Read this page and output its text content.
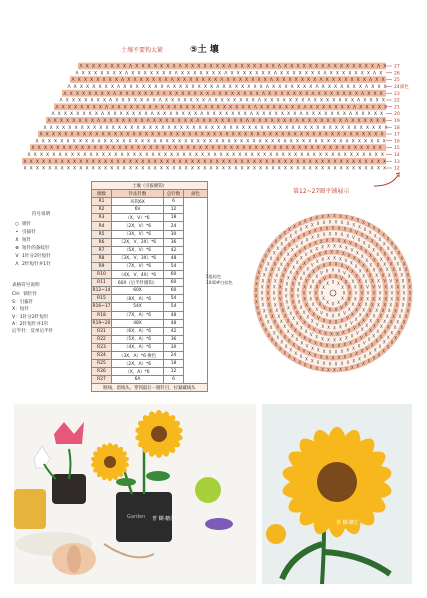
土壤不要钩太紧	⑤土 壤
Λ X X X X X X X Λ X X X X X X X Λ X X X X X X X Λ X X X X X X X Λ X X X X X X X Λ X X X X X X X Λ X
Λ X X X X X X X Λ X X X X X X X Λ X X X X X X X Λ X X X X X X X Λ X X X X X X X Λ X X X X X X X Λ X
Λ X X X X X X X Λ X X X X X X X Λ X X X X X X X Λ X X X X X X X Λ X X X X X X X Λ X X X X X X X Λ X X
Λ X X X X X X X Λ X X X X X X X Λ X X X X X X X Λ X X X X X X X Λ X X X X X X X Λ X X X X X X X Λ X X X
Λ X X X X X X X Λ X X X X X X X Λ X X X X X X X Λ X X X X X X X Λ X X X X X X X Λ X X X X X X X Λ X X X
Λ X X X X X X X Λ X X X X X X X Λ X X X X X X X Λ X X X X X X X Λ X X X X X X X Λ X X X X X X X Λ X X X X
Λ X X X X X X X Λ X X X X X X X Λ X X X X X X X Λ X X X X X X X Λ X X X X X X X Λ X X X X X X X Λ X X X X X
Λ X X X X X X X Λ X X X X X X X Λ X X X X X X X Λ X X X X X X X Λ X X X X X X X Λ X X X X X X X Λ X X X X X
Λ X X X X X X X Λ X X X X X X X Λ X X X X X X X Λ X X X X X X X Λ X X X X X X X Λ X X X X X X X Λ X X X X X X
X X X X X X X X X X X X X X X X X X X X X X X X X X X X X X X X X X X X X X X X X X X X X X X X X X X X X X X X
X X X X X X X X X X X X X X X X X X X X X X X X X X X X X X X X X X X X X X X X X X X X X X X X X X X X X X X X
X X X X X X X X X X X X X X X X X X X X X X X X X X X X X X X X X X X X X X X X X X X X X X X X X X X X X X X X X
X X X X X X X X X X X X X X X X X X X X X X X X X X X X X X X X X X X X X X X X X X X X X X X X X X X X X X X X X
X X X X X X X X X X X X X X X X X X X X X X X X X X X X X X X X X X X X X X X X X X X X X X X X X X X X X X X X X X
X X X X X X X X X X X X X X X X X X X X X X X X X X X X X X X X X X X X X X X X X X X X X X X X X X X X X X X X X X X
X X X X X X X X X X X X X X X X X X X X X X X X X X X X X X X X X X X X X X X X X X X X X X X X X X X X X X X X X X X
27
26
25
24颜色
23
22
21
20
19
18
17
16
15
14
13
12
第12~27圈平铺展示
符号说明
○ 锁针
• 引拔针
X 短针
⊗ 短针的条纹针
V 1针分2针短针
Λ 2针短针并1针
表格符号说明
CH：锁针针
S：引拔针
X：短针
V：1针分2针短针
A：2针短针并1针
后半针：反单后半针
土壤（引拔圈钩）			
圈数	针法针数	总针数	颜色
R1	环钩6X	6	
R2	6V	12	
R3	（X，V）*6	18	
R4	（2X，V）*6	24	
R5	（3X，V）*6	30	
R6	（2X，V，2X）*6	36	
R7	（5X，V）*6	42	
R8	（3X，V，3X）*6	48	
R9	（7X，V）*6	54	
R10	（4X，V，4X）*6	60	
R11	60X（后半针圈钩）	60	
R12~14	60X	60	
R15	（8X，A）*6	54	
R16~17	54X	54	
R18	（7X，A）*6	48	
R19~20	48X	48	
R21	（6X，A）*6	42	
R22	（5X，A）*6	36	
R23	（4X，A）*6	30	
R24	（3X，A）*6 换色	24	
R25	（2X，A）*6	18	
R26	（X，A）*6	12	
R27	6A	6	
断线，留线头，穿到最后一圈针目，拉紧藏线头			
5股棕色
1040#白棕色
X
X
X
X
X
X
X
X
X X X
X
V
X
X
V
X
X
V
X
X
V
X
X
V X X V
X
X
V
X
X
X
V
X
X
X
V
X
X
X
V
X
X
X
V X X X V
X
X
X
V
X
X
X
X
V
X
X
X
X
V
X
X
X
X
V
X
X
X
X
V X X X X V
X
X
X
X
V
X
X
X
X
X
V
X
X
X
X
X
V
X
X
X
X
X
V
X
X
X
X
X
V
X X X X X V
X
X
X
X
X
V
V
X
X
X
X
X
X
V
X
X
X
X
X
X
V
X
X
X
X
X
X
V
X
X
X
X
X
X
V
X X X X X X V
X
X
X
X
X
X
V
V
X
X
X
X
X
X
X
V
X
X
X
X
X
X
X
V
X
X
X
X
X
X
X
V
X
X
X
X
X
X
X
V
X X X X X X X V
X
X
X
X
X
X
X
V
V
X
X
X
X
X
X
X
X
V
X
X
X
X
X
X
X
X
V
X
X
X
X
X
X
X
X
V
X
X
X
X
X
X
X
X
V
X
X X X X X X X V X
X
X
X
X
X
X
X
V
X
V
X
X
X
X
X
X
X
X
X
V
X
X
X
X
X
X
X
X
X
V
X
X
X
X
X
X
X
X
X
V
X
X
X
X
X
X
X
X
X
V
X
X X X X X X X X V X
X
X
X
X
X
X
X
X
V
X
V
X
X
X
X
X
X
X
X
X
X
V
X
X
X
X
X
X
X
X
X
X
V
X
X
X
X
X
X
X
X
X
X
V
X
X
X
X
X
X
X
X
X
X
V
X
X X X X X X X X X V X
X
X
X
X
X
X
X
X
X
V
X
X
X
X
X
X
X
X
X
X
X
X
X
X
X
X
X
X
X
X
X
X
X
X
X
X
X
X
X
X
X
X
X
X
X
X
X
X
X
X
X
X
X
X
X
X
X
X
X
X
X
X X X X X X X X X X X X
X
X
X
X
X
X
X
X
X
X
X
X
X
X
X
X
X
X
X
X
X
X
X
X
X
X
X
X
X
X
X
X
X
X
X
X
X
X
X
X
X
X
X
X
X
X
X
X
X
X
X
X
X
X
X
X
X
X
X
X
X
X
X
X
X
X
X
X X X X X X X X X X X X
X
X
X
X
X
X
X
X
X
X
X
X
X
X
Garden 普 糊·糖汇
普 糊·糖汇
